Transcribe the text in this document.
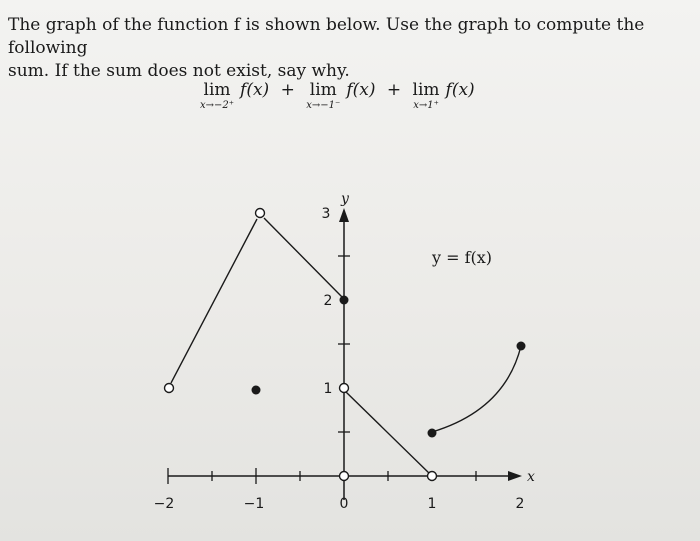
The graph of the function f is shown below. Use the graph to compute the following

sum. If the sum does not exist, say why.

lim
x→−2⁺
f(x) + lim
x→−1⁻
f(x) + lim
x→1⁺
f(x)
y
x
−2	−1	0	1	2
1
2
3
y = f(x)
